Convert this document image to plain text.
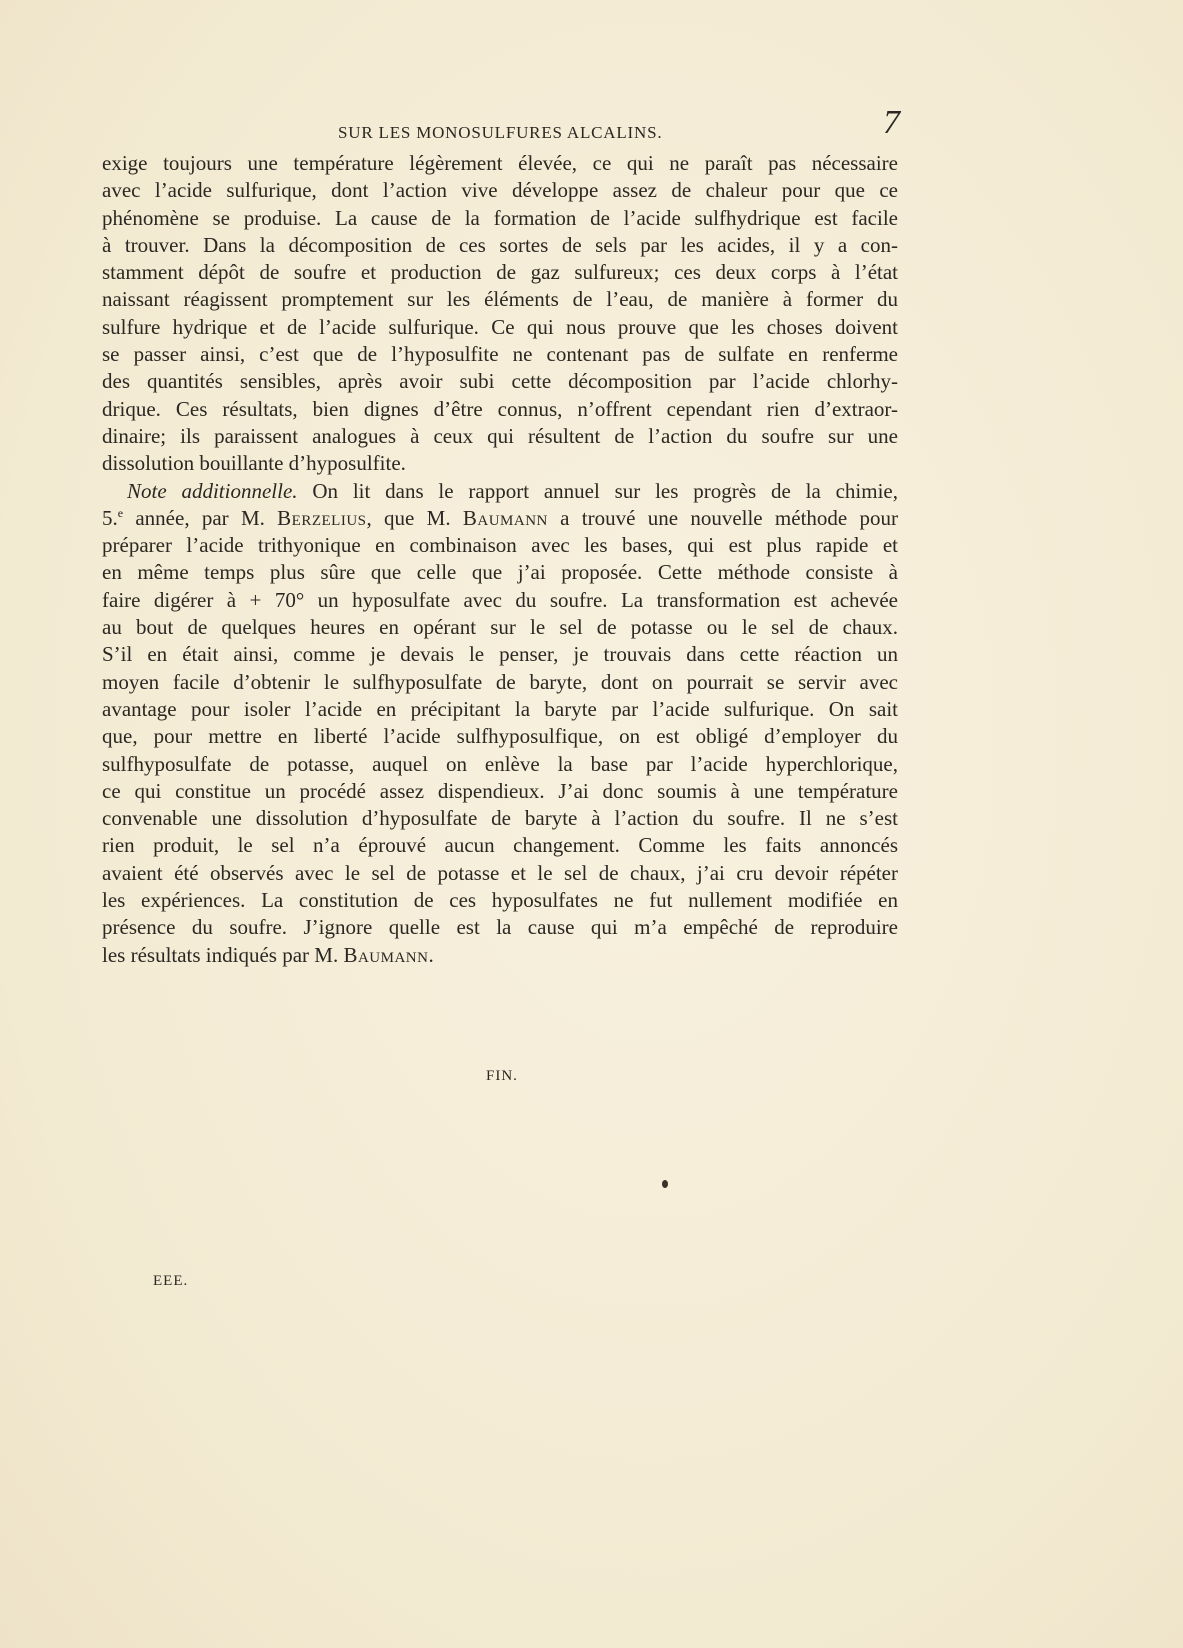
SUR LES MONOSULFURES ALCALINS.	7
exige toujours une température légèrement élevée, ce qui ne paraît pas nécessaire
avec l’acide sulfurique, dont l’action vive développe assez de chaleur pour que ce
phénomène se produise. La cause de la formation de l’acide sulfhydrique est facile
à trouver. Dans la décomposition de ces sortes de sels par les acides, il y a con-
stamment dépôt de soufre et production de gaz sulfureux; ces deux corps à l’état
naissant réagissent promptement sur les éléments de l’eau, de manière à former du
sulfure hydrique et de l’acide sulfurique. Ce qui nous prouve que les choses doivent
se passer ainsi, c’est que de l’hyposulfite ne contenant pas de sulfate en renferme
des quantités sensibles, après avoir subi cette décomposition par l’acide chlorhy-
drique. Ces résultats, bien dignes d’être connus, n’offrent cependant rien d’extraor-
dinaire; ils paraissent analogues à ceux qui résultent de l’action du soufre sur une
dissolution bouillante d’hyposulfite.
Note additionnelle. On lit dans le rapport annuel sur les progrès de la chimie,
5.$^e$ année, par M. Berzelius, que M. Baumann a trouvé une nouvelle méthode pour
préparer l’acide trithyonique en combinaison avec les bases, qui est plus rapide et
en même temps plus sûre que celle que j’ai proposée. Cette méthode consiste à
faire digérer à + 70° un hyposulfate avec du soufre. La transformation est achevée
au bout de quelques heures en opérant sur le sel de potasse ou le sel de chaux.
S’il en était ainsi, comme je devais le penser, je trouvais dans cette réaction un
moyen facile d’obtenir le sulfhyposulfate de baryte, dont on pourrait se servir avec
avantage pour isoler l’acide en précipitant la baryte par l’acide sulfurique. On sait
que, pour mettre en liberté l’acide sulfhyposulfique, on est obligé d’employer du
sulfhyposulfate de potasse, auquel on enlève la base par l’acide hyperchlorique,
ce qui constitue un procédé assez dispendieux. J’ai donc soumis à une température
convenable une dissolution d’hyposulfate de baryte à l’action du soufre. Il ne s’est
rien produit, le sel n’a éprouvé aucun changement. Comme les faits annoncés
avaient été observés avec le sel de potasse et le sel de chaux, j’ai cru devoir répéter
les expériences. La constitution de ces hyposulfates ne fut nullement modifiée en
présence du soufre. J’ignore quelle est la cause qui m’a empêché de reproduire
les résultats indiqués par M. Baumann.
FIN.
EEE.
